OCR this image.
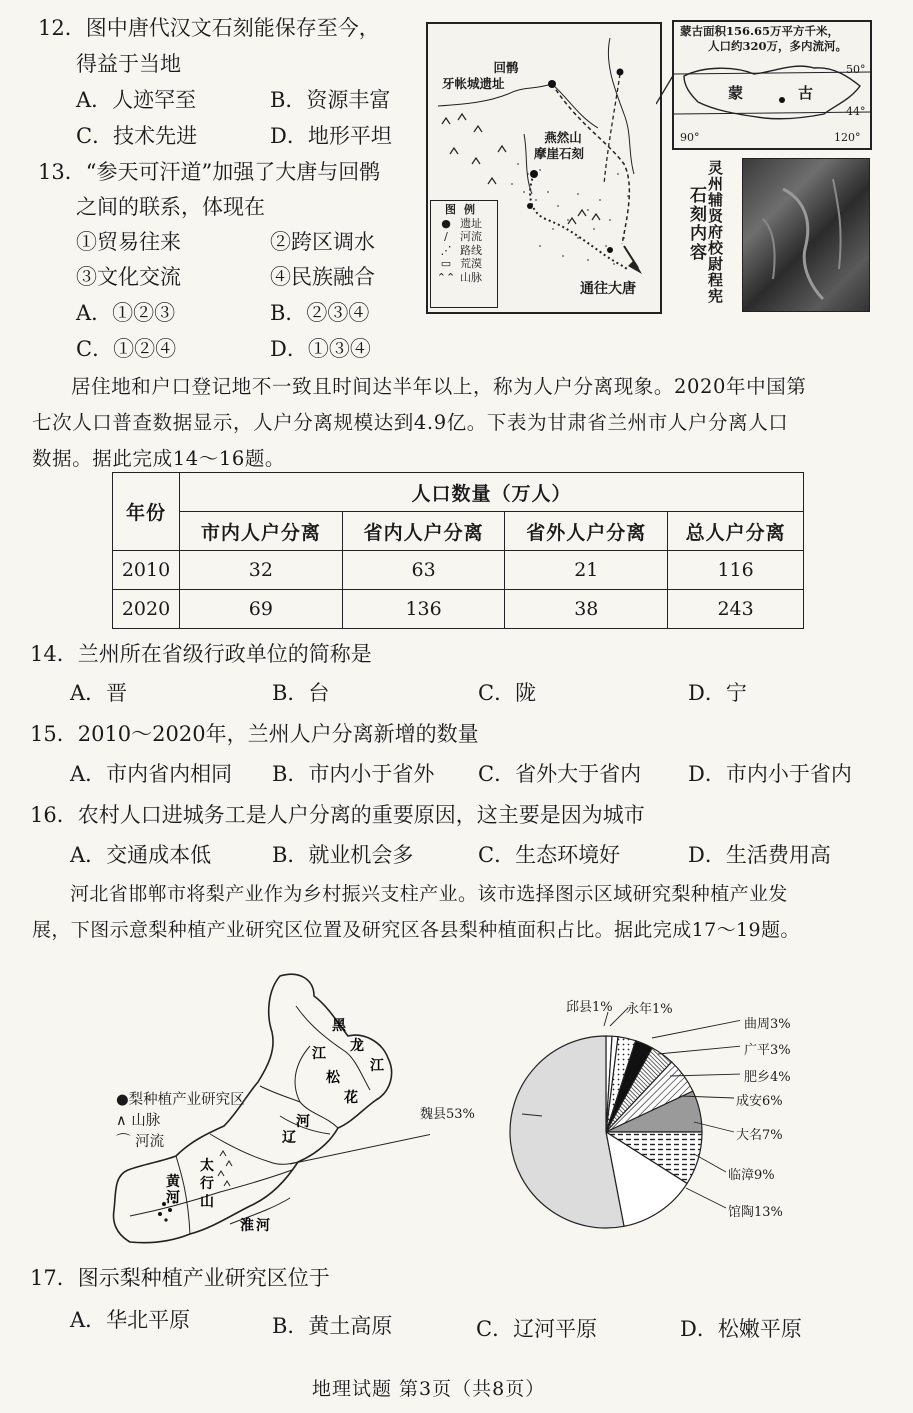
12．图中唐代汉文石刻能保存至今，
得益于当地
A．人迹罕至	B．资源丰富
C．技术先进	D．地形平坦
13．“参天可汗道”加强了大唐与回鹘
之间的联系，体现在
①贸易往来	②跨区调水
③文化交流	④民族融合
A．①②③	B．②③④
C．①②④	D．①③④
回鹘
牙帐城遗址
燕然山
摩崖石刻
通往大唐
图例
● 遗址
∕	河流
⋰ 路线
▭ 荒漠
⌃⌃ 山脉
蒙古面积156.65万平方千米，
人口约320万，多内流河。
蒙	古
50°
44°
90°	120°
石刻内容 灵州辅贤府校尉程宪

居住地和户口登记地不一致且时间达半年以上，称为人户分离现象。2020年中国第

七次人口普查数据显示，人户分离规模达到4.9亿。下表为甘肃省兰州市人户分离人口

数据。据此完成14～16题。

年份	人口数量（万人）			
	市内人户分离	省内人户分离	省外人户分离	总人户分离
2010	32	63	21	116
2020	69	136	38	243
14．兰州所在省级行政单位的简称是
A．晋	B．台	C．陇	D．宁
15．2010～2020年，兰州人户分离新增的数量
A．市内省内相同 B．市内小于省外 C．省外大于省内 D．市内小于省内
16．农村人口进城务工是人户分离的重要原因，这主要是因为城市
A．交通成本低	B．就业机会多	C．生态环境好	D．生活费用高

河北省邯郸市将梨产业作为乡村振兴支柱产业。该市选择图示区域研究梨种植产业发

展，下图示意梨种植产业研究区位置及研究区各县梨种植面积占比。据此完成17～19题。

黑
龙
江
松
花
江
辽
河
太
行
山
黄
河
淮 河
●梨种植产业研究区
∧ 山脉
⌒ 河流
邱县1% 永年1%
曲周3%
广平3%
肥乡4%
成安6%
大名7%
临漳9%
馆陶13%
魏县53%
17．图示梨种植产业研究区位于
A．华北平原	B．黄土高原	C．辽河平原	D．松嫩平原
地理试题 第3页（共8页）
